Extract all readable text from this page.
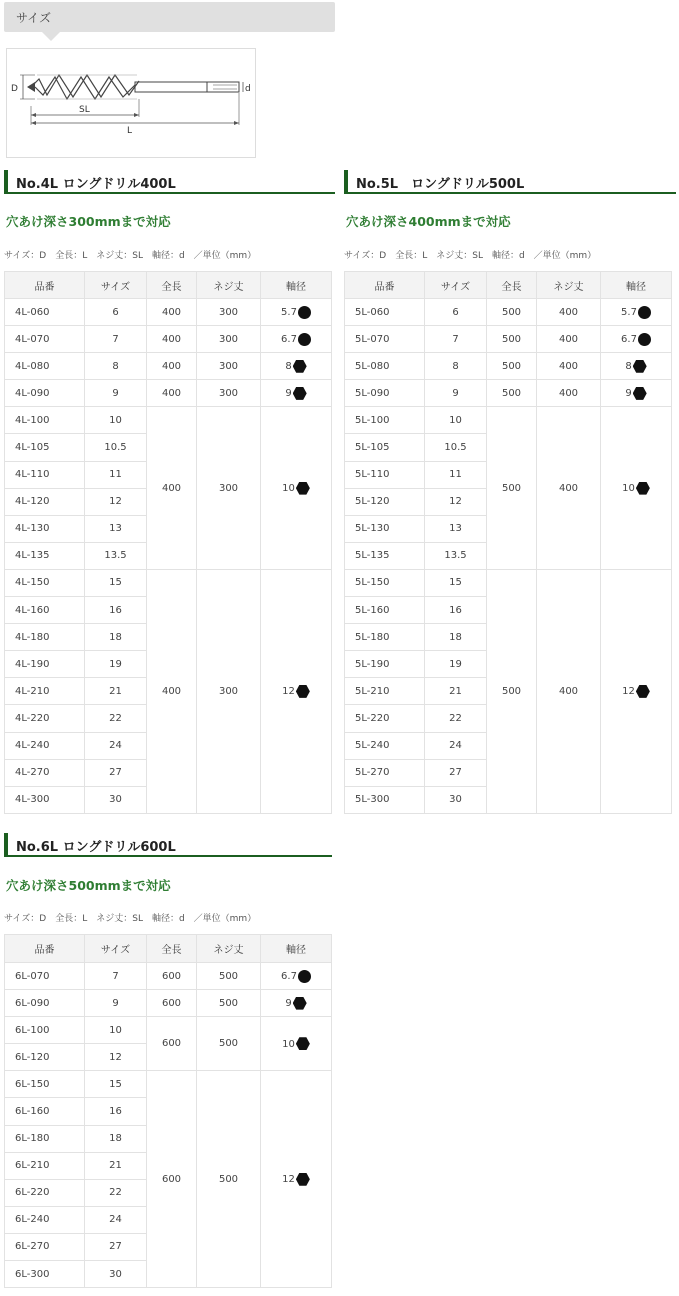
サイズ
D	d
SL
L
No.4L ロングドリル400L
穴あけ深さ300mmまで対応
サイズ：D　全長：L　ネジ丈：SL　軸径：d　／単位（mm）
品番	サイズ	全長	ネジ丈	軸径
4L-060	6	400	300	5.7
4L-070	7	400	300	6.7
4L-080	8	400	300	8
4L-090	9	400	300	9
4L-100	10	400	300	10
4L-105	10.5			
4L-110	11			
4L-120	12			
4L-130	13			
4L-135	13.5			
4L-150	15	400	300	12
4L-160	16			
4L-180	18			
4L-190	19			
4L-210	21			
4L-220	22			
4L-240	24			
4L-270	27			
4L-300	30			
No.5L　ロングドリル500L
穴あけ深さ400mmまで対応
サイズ：D　全長：L　ネジ丈：SL　軸径：d　／単位（mm）
品番	サイズ	全長	ネジ丈	軸径
5L-060	6	500	400	5.7
5L-070	7	500	400	6.7
5L-080	8	500	400	8
5L-090	9	500	400	9
5L-100	10	500	400	10
5L-105	10.5			
5L-110	11			
5L-120	12			
5L-130	13			
5L-135	13.5			
5L-150	15	500	400	12
5L-160	16			
5L-180	18			
5L-190	19			
5L-210	21			
5L-220	22			
5L-240	24			
5L-270	27			
5L-300	30			
No.6L ロングドリル600L
穴あけ深さ500mmまで対応
サイズ：D　全長：L　ネジ丈：SL　軸径：d　／単位（mm）
品番	サイズ	全長	ネジ丈	軸径
6L-070	7	600	500	6.7
6L-090	9	600	500	9
6L-100	10	600	500	10
6L-120	12			
6L-150	15	600	500	12
6L-160	16			
6L-180	18			
6L-210	21			
6L-220	22			
6L-240	24			
6L-270	27			
6L-300	30			
